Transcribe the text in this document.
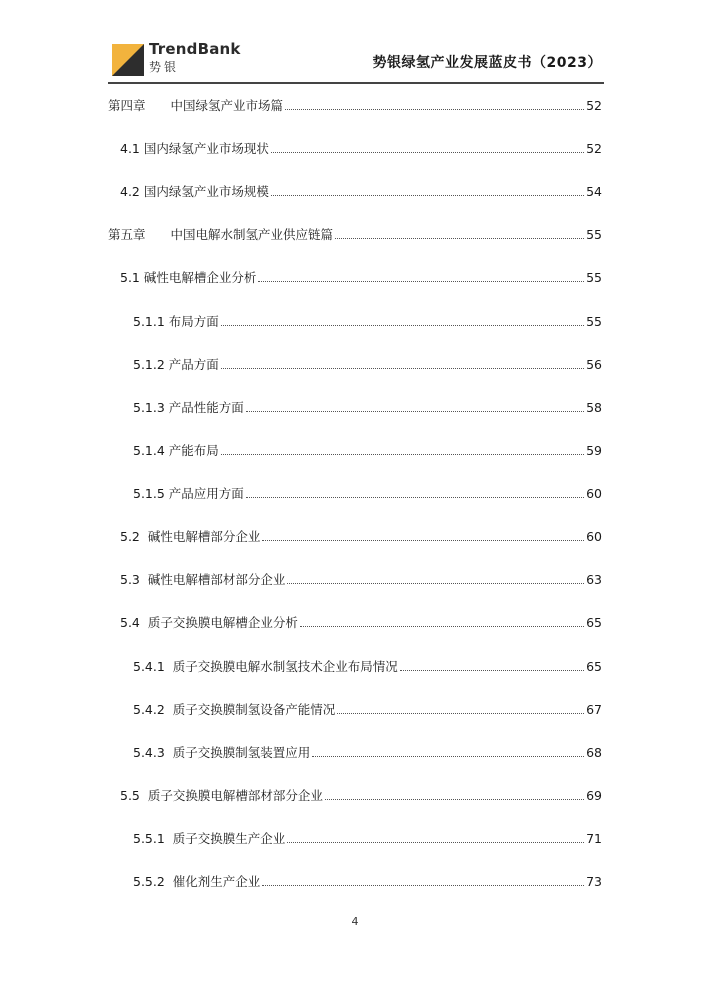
TrendBank
势银	势银绿氢产业发展蓝皮书（2023）
第四章　　 中国绿氢产业市场篇	52
4.1 国内绿氢产业市场现状	52
4.2 国内绿氢产业市场规模	54
第五章　　 中国电解水制氢产业供应链篇	55
5.1 碱性电解槽企业分析	55
5.1.1 布局方面	55
5.1.2 产品方面	56
5.1.3 产品性能方面	58
5.1.4 产能布局	59
5.1.5 产品应用方面	60
5.2 碱性电解槽部分企业	60
5.3 碱性电解槽部材部分企业	63
5.4 质子交换膜电解槽企业分析	65
5.4.1 质子交换膜电解水制氢技术企业布局情况	65
5.4.2 质子交换膜制氢设备产能情况	67
5.4.3 质子交换膜制氢装置应用	68
5.5 质子交换膜电解槽部材部分企业	69
5.5.1 质子交换膜生产企业	71
5.5.2 催化剂生产企业	73
4
